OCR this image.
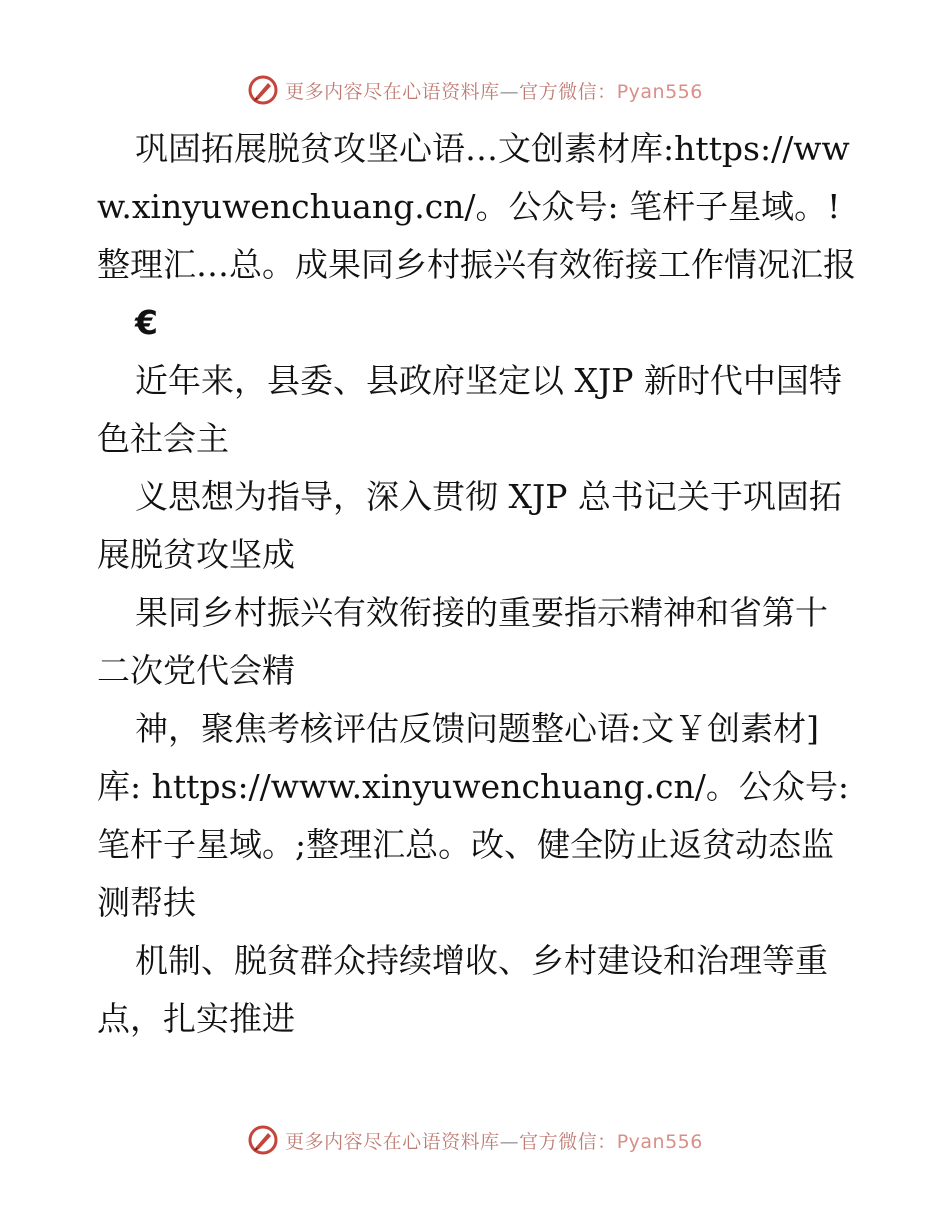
更多内容尽在心语资料库—官方微信：Pyan556

巩固拓展脱贫攻坚心语…文创素材库:https://www.xinyuwenchuang.cn/。公众号: 笔杆子星域。! 整理汇…总。成果同乡村振兴有效衔接工作情况汇报

€

近年来，县委、县政府坚定以 XJP 新时代中国特色社会主

义思想为指导，深入贯彻 XJP 总书记关于巩固拓展脱贫攻坚成

果同乡村振兴有效衔接的重要指示精神和省第十二次党代会精

神，聚焦考核评估反馈问题整心语:文￥创素材]库: https://www.xinyuwenchuang.cn/。公众号: 笔杆子星域。;整理汇总。改、健全防止返贫动态监测帮扶

机制、脱贫群众持续增收、乡村建设和治理等重点，扎实推进

更多内容尽在心语资料库—官方微信：Pyan556
